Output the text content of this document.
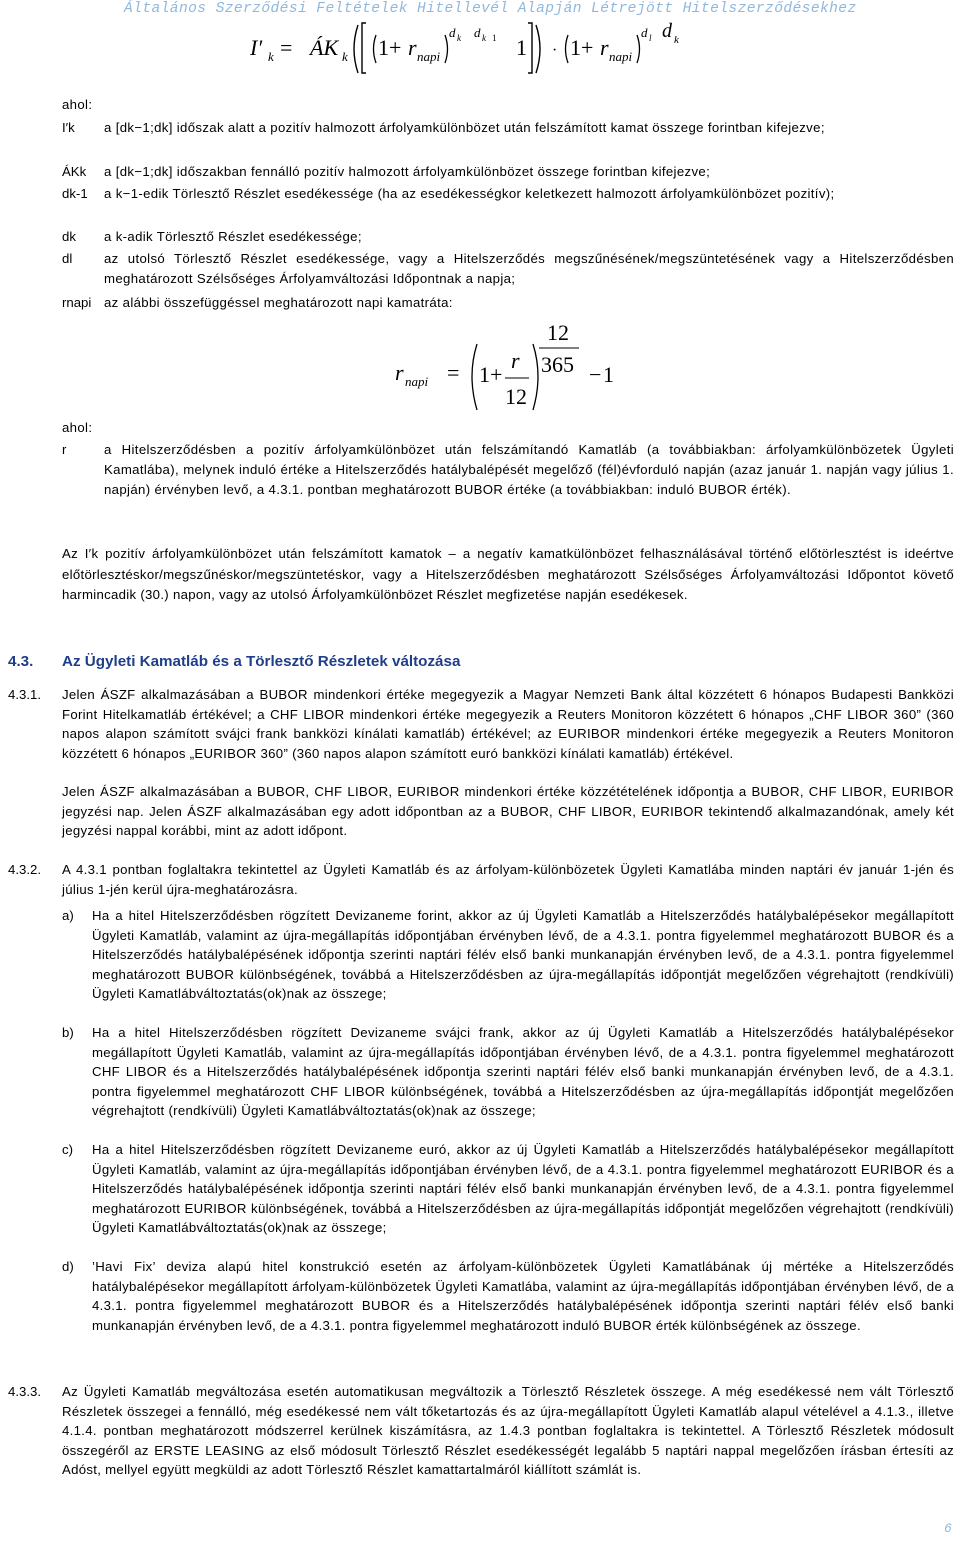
Általános Szerződési Feltételek Hitellevél Alapján Létrejött Hitelszerződésekhez
I′ k = ÁK k 1+ r napi
d k d k 1 1 · 1+ r napi
d l d k
ahol:
I′k a [dk−1;dk] időszak alatt a pozitív halmozott árfolyamkülönbözet után felszámított kamat összege forintban kifejezve;
ÁKk a [dk−1;dk] időszakban fennálló pozitív halmozott árfolyamkülönbözet összege forintban kifejezve;
dk-1 a k−1-edik Törlesztő Részlet esedékessége (ha az esedékességkor keletkezett halmozott árfolyamkülönbözet pozitív);
dk a k-adik Törlesztő Részlet esedékessége;
dl az utolsó Törlesztő Részlet esedékessége, vagy a Hitelszerződés megszűnésének/megszüntetésének vagy a Hitelszerződésben meghatározott Szélsőséges Árfolyamváltozási Időpontnak a napja;
rnapi az alábbi összefüggéssel meghatározott napi kamatráta:
12
365
r napi = 1+
r
12
− 1
ahol:
r	a Hitelszerződésben a pozitív árfolyamkülönbözet után felszámítandó Kamatláb (a továbbiakban: árfolyamkülönbözetek Ügyleti Kamatlába), melynek induló értéke a Hitelszerződés hatálybalépését megelőző (fél)évforduló napján (azaz január 1. napján vagy július 1. napján) érvényben levő, a 4.3.1. pontban meghatározott BUBOR értéke (a továbbiakban: induló BUBOR érték).
Az I′k pozitív árfolyamkülönbözet után felszámított kamatok – a negatív kamatkülönbözet felhasználásával történő előtörlesztést is ideértve előtörlesztéskor/megszűnéskor/megszüntetéskor, vagy a Hitelszerződésben meghatározott Szélsőséges Árfolyamváltozási Időpontot követő harmincadik (30.) napon, vagy az utolsó Árfolyamkülönbözet Részlet megfizetése napján esedékesek.
4.3. Az Ügyleti Kamatláb és a Törlesztő Részletek változása
4.3.1. Jelen ÁSZF alkalmazásában a BUBOR mindenkori értéke megegyezik a Magyar Nemzeti Bank által közzétett 6 hónapos Budapesti Bankközi Forint Hitelkamatláb értékével; a CHF LIBOR mindenkori értéke megegyezik a Reuters Monitoron közzétett 6 hónapos „CHF LIBOR 360” (360 napos alapon számított svájci frank bankközi kínálati kamatláb) értékével; az EURIBOR mindenkori értéke megegyezik a Reuters Monitoron közzétett 6 hónapos „EURIBOR 360” (360 napos alapon számított euró bankközi kínálati kamatláb) értékével.
Jelen ÁSZF alkalmazásában a BUBOR, CHF LIBOR, EURIBOR mindenkori értéke közzétételének időpontja a BUBOR, CHF LIBOR, EURIBOR jegyzési nap. Jelen ÁSZF alkalmazásában egy adott időpontban az a BUBOR, CHF LIBOR, EURIBOR tekintendő alkalmazandónak, amely két jegyzési nappal korábbi, mint az adott időpont.
4.3.2. A 4.3.1 pontban foglaltakra tekintettel az Ügyleti Kamatláb és az árfolyam-különbözetek Ügyleti Kamatlába minden naptári év január 1-jén és július 1-jén kerül újra-meghatározásra.
a) Ha a hitel Hitelszerződésben rögzített Devizaneme forint, akkor az új Ügyleti Kamatláb a Hitelszerződés hatálybalépésekor megállapított Ügyleti Kamatláb, valamint az újra-megállapítás időpontjában érvényben lévő, de a 4.3.1. pontra figyelemmel meghatározott BUBOR és a Hitelszerződés hatálybalépésének időpontja szerinti naptári félév első banki munkanapján érvényben levő, de a 4.3.1. pontra figyelemmel meghatározott BUBOR különbségének, továbbá a Hitelszerződésben az újra-megállapítás időpontját megelőzően végrehajtott (rendkívüli) Ügyleti Kamatlábváltoztatás(ok)nak az összege;
b) Ha a hitel Hitelszerződésben rögzített Devizaneme svájci frank, akkor az új Ügyleti Kamatláb a Hitelszerződés hatálybalépésekor megállapított Ügyleti Kamatláb, valamint az újra-megállapítás időpontjában érvényben lévő, de a 4.3.1. pontra figyelemmel meghatározott CHF LIBOR és a Hitelszerződés hatálybalépésének időpontja szerinti naptári félév első banki munkanapján érvényben levő, de a 4.3.1. pontra figyelemmel meghatározott CHF LIBOR különbségének, továbbá a Hitelszerződésben az újra-megállapítás időpontját megelőzően végrehajtott (rendkívüli) Ügyleti Kamatlábváltoztatás(ok)nak az összege;
c) Ha a hitel Hitelszerződésben rögzített Devizaneme euró, akkor az új Ügyleti Kamatláb a Hitelszerződés hatálybalépésekor megállapított Ügyleti Kamatláb, valamint az újra-megállapítás időpontjában érvényben lévő, de a 4.3.1. pontra figyelemmel meghatározott EURIBOR és a Hitelszerződés hatálybalépésének időpontja szerinti naptári félév első banki munkanapján érvényben levő, de a 4.3.1. pontra figyelemmel meghatározott EURIBOR különbségének, továbbá a Hitelszerződésben az újra-megállapítás időpontját megelőzően végrehajtott (rendkívüli) Ügyleti Kamatlábváltoztatás(ok)nak az összege;
d) ’Havi Fix’ deviza alapú hitel konstrukció esetén az árfolyam-különbözetek Ügyleti Kamatlábának új mértéke a Hitelszerződés hatálybalépésekor megállapított árfolyam-különbözetek Ügyleti Kamatlába, valamint az újra-megállapítás időpontjában érvényben lévő, de a 4.3.1. pontra figyelemmel meghatározott BUBOR és a Hitelszerződés hatálybalépésének időpontja szerinti naptári félév első banki munkanapján érvényben levő, de a 4.3.1. pontra figyelemmel meghatározott induló BUBOR érték különbségének az összege.
4.3.3. Az Ügyleti Kamatláb megváltozása esetén automatikusan megváltozik a Törlesztő Részletek összege. A még esedékessé nem vált Törlesztő Részletek összegei a fennálló, még esedékessé nem vált tőketartozás és az újra-megállapított Ügyleti Kamatláb alapul vételével a 4.1.3., illetve 4.1.4. pontban meghatározott módszerrel kerülnek kiszámításra, az 1.4.3 pontban foglaltakra is tekintettel. A Törlesztő Részletek módosult összegéről az ERSTE LEASING az első módosult Törlesztő Részlet esedékességét legalább 5 naptári nappal megelőzően írásban értesíti az Adóst, mellyel együtt megküldi az adott Törlesztő Részlet kamattartalmáról kiállított számlát is.
6
